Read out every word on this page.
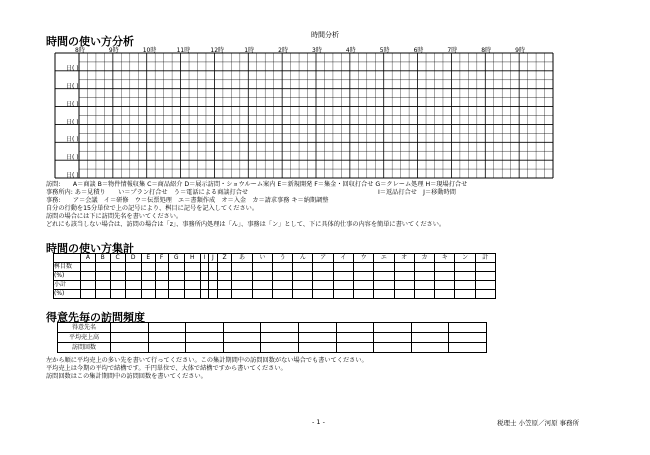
時間分析
時間の使い方分析
8時	9時	10時	11時	12時	1時	2時	3時	4時	5時	6時	7時	8時	9時
日( )
日( )
日( )
日( )
日( )
日( )
日( )
訪問:　　A＝商談 B＝物件情報収集 C＝商品紹介 D＝展示訪問・ショウルーム案内 E＝新規開発 F＝集金・回収打合せ G＝クレーム処理 H＝現場打合せ
事務所内: あ＝見積り　　い＝プラン打合せ　う＝電話による商談打合せ　　　　　　　　　　　　　　　　　　　　　I＝返品打合せ　J＝移動時間
事務:　　ア＝会議　イ＝研修　ウ＝伝票処理　エ＝書類作成　オ＝入金　カ＝請求事務 キ＝納期調整
自分の行動を15分単位で上の記号により、桝目に記号を記入してください。
訪問の場合には下に訪問先名を書いてください。
どれにも該当しない場合は、訪問の場合は「z」、事務所内処理は「ん」、事務は「ン」として、下に具体的仕事の内容を簡単に書いてください。
時間の使い方集計
	A	B	C	D	E	F	G	H	I	J	Z	あ	い	う	ん	ア	イ	ウ	エ	オ	カ	キ	ン	計
桝目数																								
(%)																								
小計																								
(%)																								
得意先毎の訪問頻度
得意先名										
平均売上高										
訪問回数										
左から順に平均売上の多い先を書いて行ってください。この集計期間中の訪問回数がない場合でも書いてください。
平均売上は今期の平均で結構です。千円単位で、大体で結構ですから書いてください。
訪問回数はこの集計期間中の訪問回数を書いてください。
- 1 -	税理士 小笠原／河原 事務所
